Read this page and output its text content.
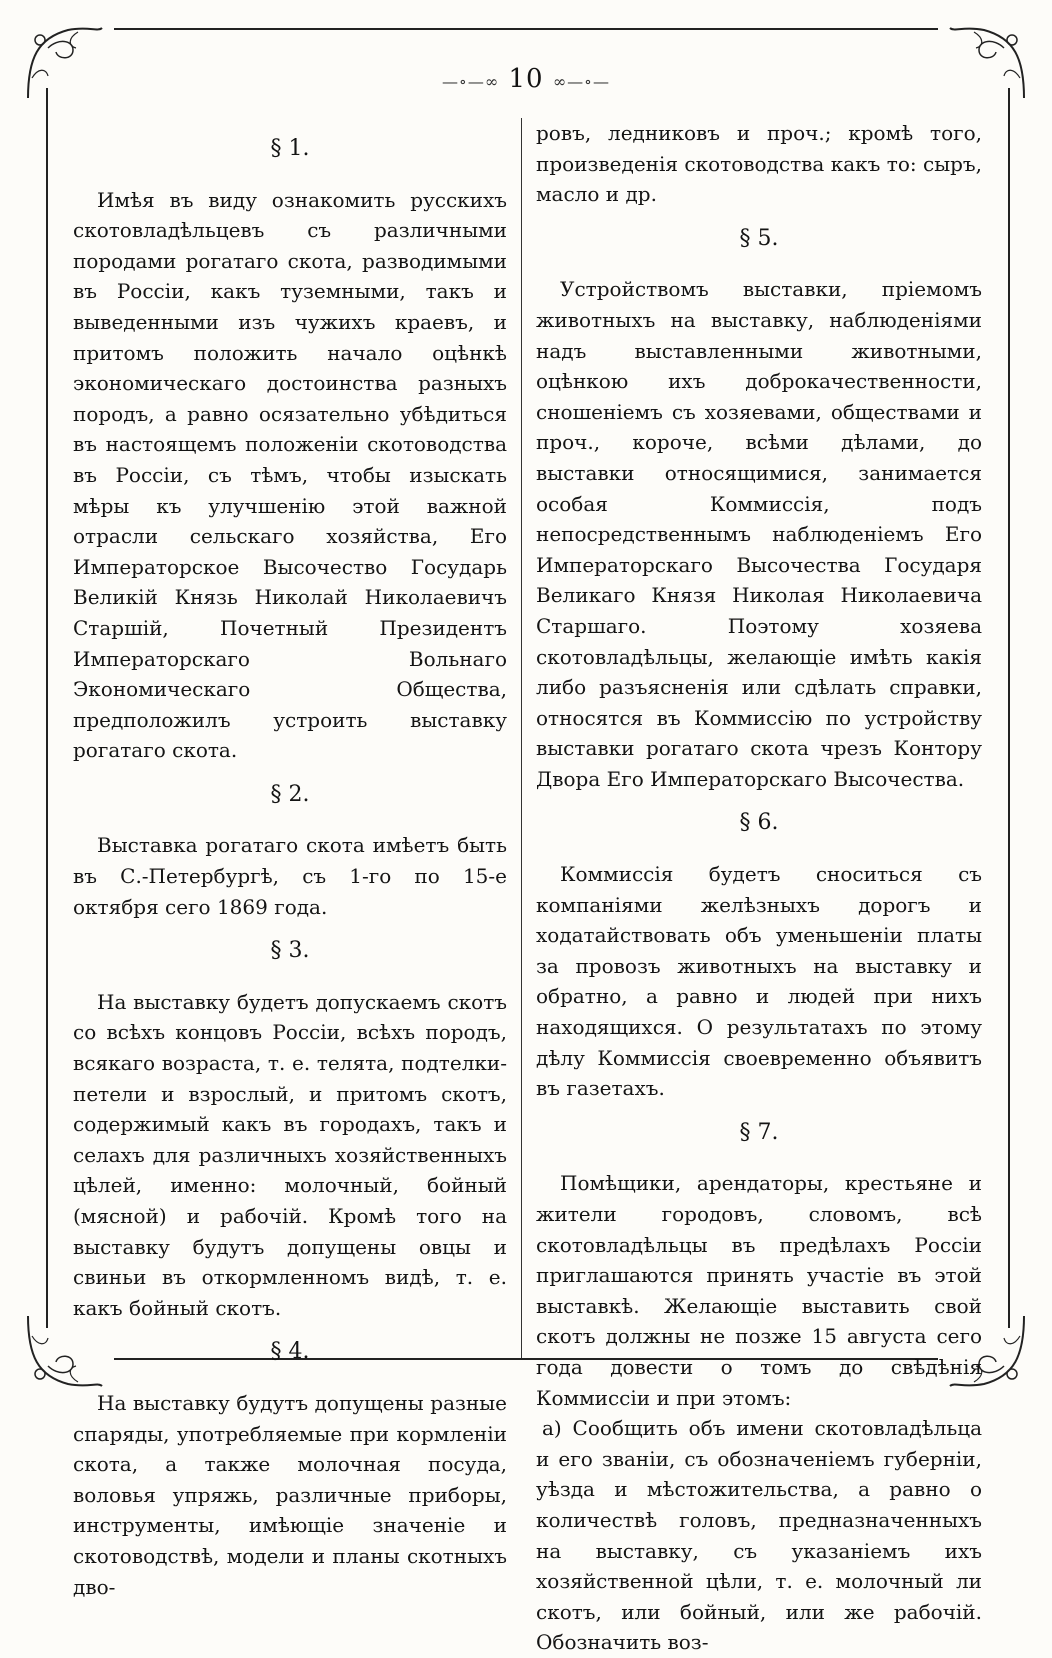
—∘—∞ 10 ∞—∘—
§ 1.

Имѣя въ виду ознакомить русскихъ скотовладѣльцевъ съ различными породами рогатаго скота, разводимыми въ Россіи, какъ туземными, такъ и выведенными изъ чужихъ краевъ, и притомъ положить начало оцѣнкѣ экономическаго достоинства разныхъ породъ, а равно осязательно убѣдиться въ настоящемъ положеніи скотоводства въ Россіи, съ тѣмъ, чтобы изыскать мѣры къ улучшенію этой важной отрасли сельскаго хозяйства, Его Императорское Высочество Государь Великій Князь Николай Николаевичъ Старшій, Почетный Президентъ Императорскаго Вольнаго Экономическаго Общества, предположилъ устроить выставку рогатаго скота.

§ 2.

Выставка рогатаго скота имѣетъ быть въ С.-Петербургѣ, съ 1-го по 15-е октября сего 1869 года.

§ 3.

На выставку будетъ допускаемъ скотъ со всѣхъ концовъ Россіи, всѣхъ породъ, всякаго возраста, т. е. телята, подтелки-петели и взрослый, и притомъ скотъ, содержимый какъ въ городахъ, такъ и селахъ для различныхъ хозяйственныхъ цѣлей, именно: молочный, бойный (мясной) и рабочій. Кромѣ того на выставку будутъ допущены овцы и свиньи въ откормленномъ видѣ, т. е. какъ бойный скотъ.

§ 4.

На выставку будутъ допущены разные спаряды, употребляемые при кормленіи скота, а также молочная посуда, воловья упряжь, различные приборы, инструменты, имѣющіе значеніе и скотоводствѣ, модели и планы скотныхъ дво-

ровъ, ледниковъ и проч.; кромѣ того, произведенія скотоводства какъ то: сыръ, масло и др.

§ 5.

Устройствомъ выставки, пріемомъ животныхъ на выставку, наблюденіями надъ выставленными животными, оцѣнкою ихъ доброкачественности, сношеніемъ съ хозяевами, обществами и проч., короче, всѣми дѣлами, до выставки относящимися, занимается особая Коммиссія, подъ непосредственнымъ наблюденіемъ Его Императорскаго Высочества Государя Великаго Князя Николая Николаевича Старшаго. Поэтому хозяева скотовладѣльцы, желающіе имѣть какія либо разъясненія или сдѣлать справки, относятся въ Коммиссію по устройству выставки рогатаго скота чрезъ Контору Двора Его Императорскаго Высочества.

§ 6.

Коммиссія будетъ сноситься съ компаніями желѣзныхъ дорогъ и ходатайствовать объ уменьшеніи платы за провозъ животныхъ на выставку и обратно, а равно и людей при нихъ находящихся. О результатахъ по этому дѣлу Коммиссія своевременно объявитъ въ газетахъ.

§ 7.

Помѣщики, арендаторы, крестьяне и жители городовъ, словомъ, всѣ скотовладѣльцы въ предѣлахъ Россіи приглашаются принять участіе въ этой выставкѣ. Желающіе выставить свой скотъ должны не позже 15 августа сего года довести о томъ до свѣдѣнія Коммиссіи и при этомъ:

а) Сообщить объ имени скотовладѣльца и его званіи, съ обозначеніемъ губерніи, уѣзда и мѣстожительства, а равно о количествѣ головъ, предназначенныхъ на выставку, съ указаніемъ ихъ хозяйственной цѣли, т. е. молочный ли скотъ, или бойный, или же рабочій. Обозначить воз-
